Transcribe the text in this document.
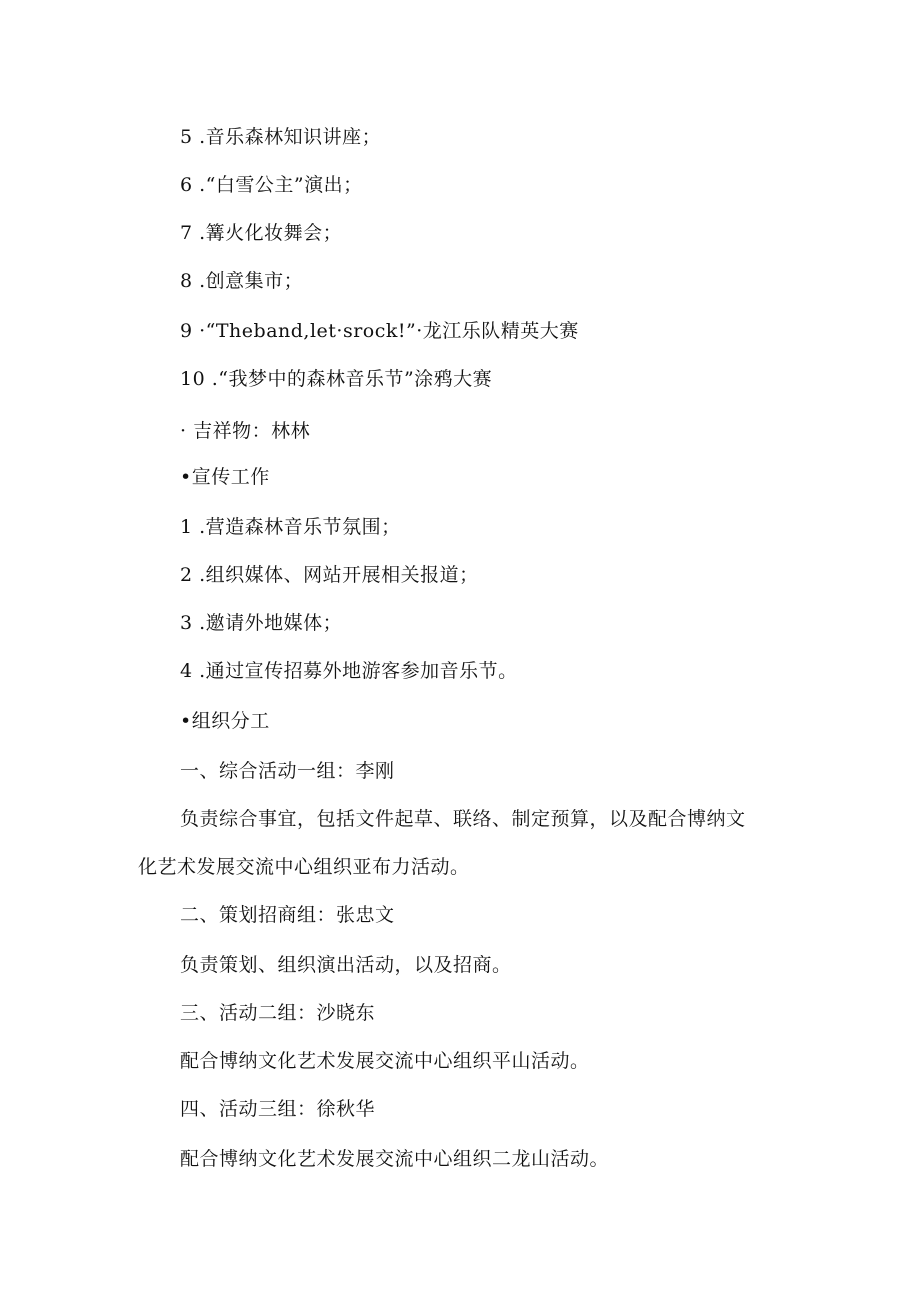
5 .音乐森林知识讲座；
6 .“白雪公主”演出；
7 .篝火化妆舞会；
8 .创意集市；
9 ·“Theband,let·srock!”·龙江乐队精英大赛
10 .“我梦中的森林音乐节”涂鸦大赛
· 吉祥物：林林
•宣传工作
1 .营造森林音乐节氛围；
2 .组织媒体、网站开展相关报道；
3 .邀请外地媒体；
4 .通过宣传招募外地游客参加音乐节。
•组织分工
一、综合活动一组：李刚
负责综合事宜，包括文件起草、联络、制定预算，以及配合博纳文
化艺术发展交流中心组织亚布力活动。
二、策划招商组：张忠文
负责策划、组织演出活动，以及招商。
三、活动二组：沙晓东
配合博纳文化艺术发展交流中心组织平山活动。
四、活动三组：徐秋华
配合博纳文化艺术发展交流中心组织二龙山活动。
